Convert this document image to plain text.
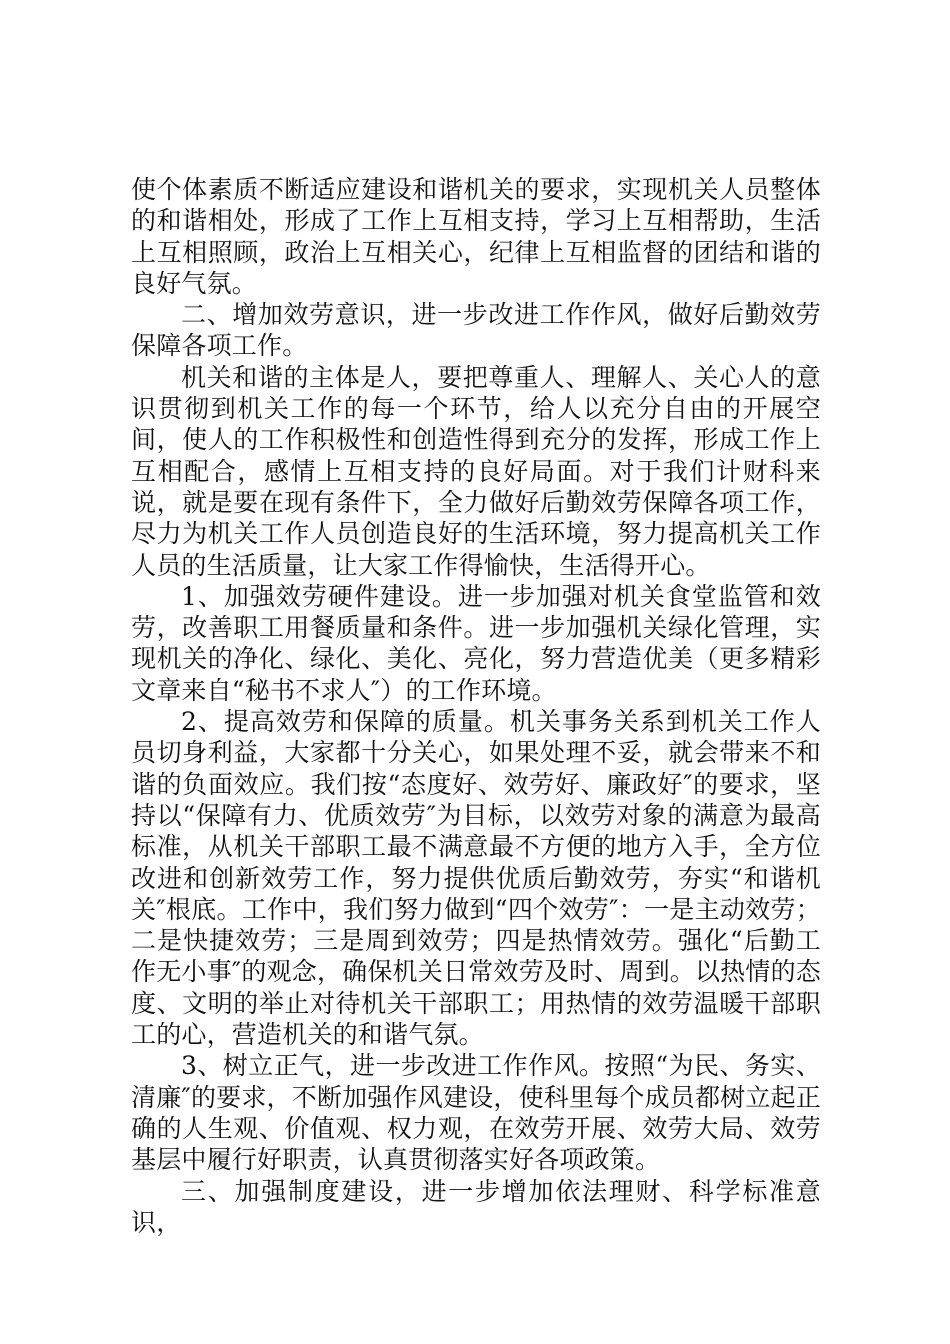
使个体素质不断适应建设和谐机关的要求，实现机关人员整体的和谐相处，形成了工作上互相支持，学习上互相帮助，生活上互相照顾，政治上互相关心，纪律上互相监督的团结和谐的良好气氛。

二、增加效劳意识，进一步改进工作作风，做好后勤效劳保障各项工作。

机关和谐的主体是人，要把尊重人、理解人、关心人的意识贯彻到机关工作的每一个环节，给人以充分自由的开展空间，使人的工作积极性和创造性得到充分的发挥，形成工作上互相配合，感情上互相支持的良好局面。对于我们计财科来说，就是要在现有条件下，全力做好后勤效劳保障各项工作，尽力为机关工作人员创造良好的生活环境，努力提高机关工作人员的生活质量，让大家工作得愉快，生活得开心。

1、加强效劳硬件建设。进一步加强对机关食堂监管和效劳，改善职工用餐质量和条件。进一步加强机关绿化管理，实现机关的净化、绿化、美化、亮化，努力营造优美（更多精彩文章来自“秘书不求人″）的工作环境。

2、提高效劳和保障的质量。机关事务关系到机关工作人员切身利益，大家都十分关心，如果处理不妥，就会带来不和谐的负面效应。我们按“态度好、效劳好、廉政好″的要求，坚持以“保障有力、优质效劳″为目标，以效劳对象的满意为最高标准，从机关干部职工最不满意最不方便的地方入手，全方位改进和创新效劳工作，努力提供优质后勤效劳，夯实“和谐机关″根底。工作中，我们努力做到“四个效劳″：一是主动效劳；二是快捷效劳；三是周到效劳；四是热情效劳。强化“后勤工作无小事″的观念，确保机关日常效劳及时、周到。以热情的态度、文明的举止对待机关干部职工；用热情的效劳温暖干部职工的心，营造机关的和谐气氛。

3、树立正气，进一步改进工作作风。按照“为民、务实、清廉″的要求，不断加强作风建设，使科里每个成员都树立起正确的人生观、价值观、权力观，在效劳开展、效劳大局、效劳基层中履行好职责，认真贯彻落实好各项政策。

三、加强制度建设，进一步增加依法理财、科学标准意识，
